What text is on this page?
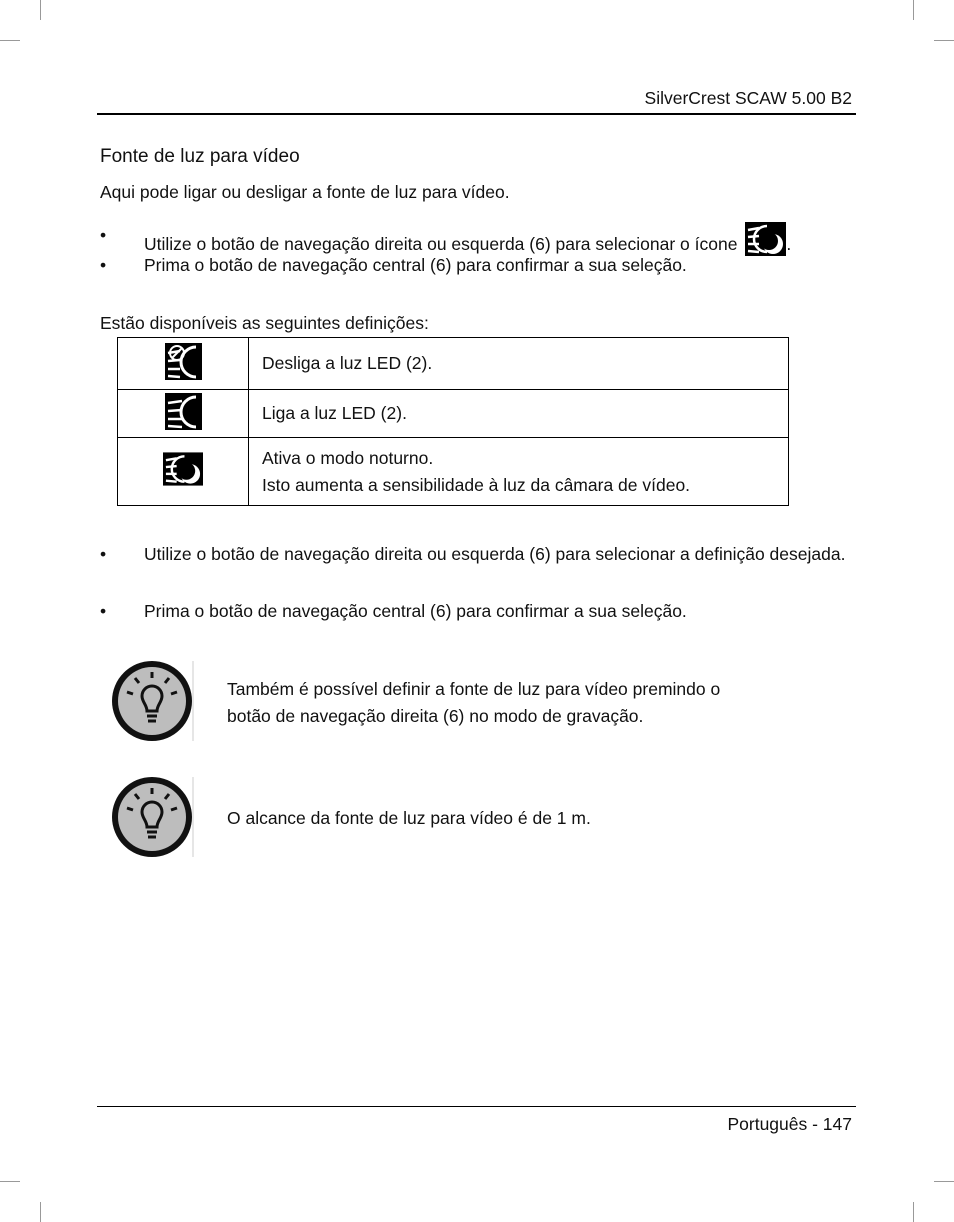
SilverCrest SCAW 5.00 B2
Fonte de luz para vídeo
Aqui pode ligar ou desligar a fonte de luz para vídeo.
•	Utilize o botão de navegação direita ou esquerda (6) para selecionar o ícone	.
•	Prima o botão de navegação central (6) para confirmar a sua seleção.
Estão disponíveis as seguintes definições:

Desliga a luz LED (2).

Liga a luz LED (2).

Ativa o modo noturno.
Isto aumenta a sensibilidade à luz da câmara de vídeo.
•	Utilize o botão de navegação direita ou esquerda (6) para selecionar a definição desejada.
•	Prima o botão de navegação central (6) para confirmar a sua seleção.
Também é possível definir a fonte de luz para vídeo premindo o
botão de navegação direita (6) no modo de gravação.
O alcance da fonte de luz para vídeo é de 1 m.
Português - 147
